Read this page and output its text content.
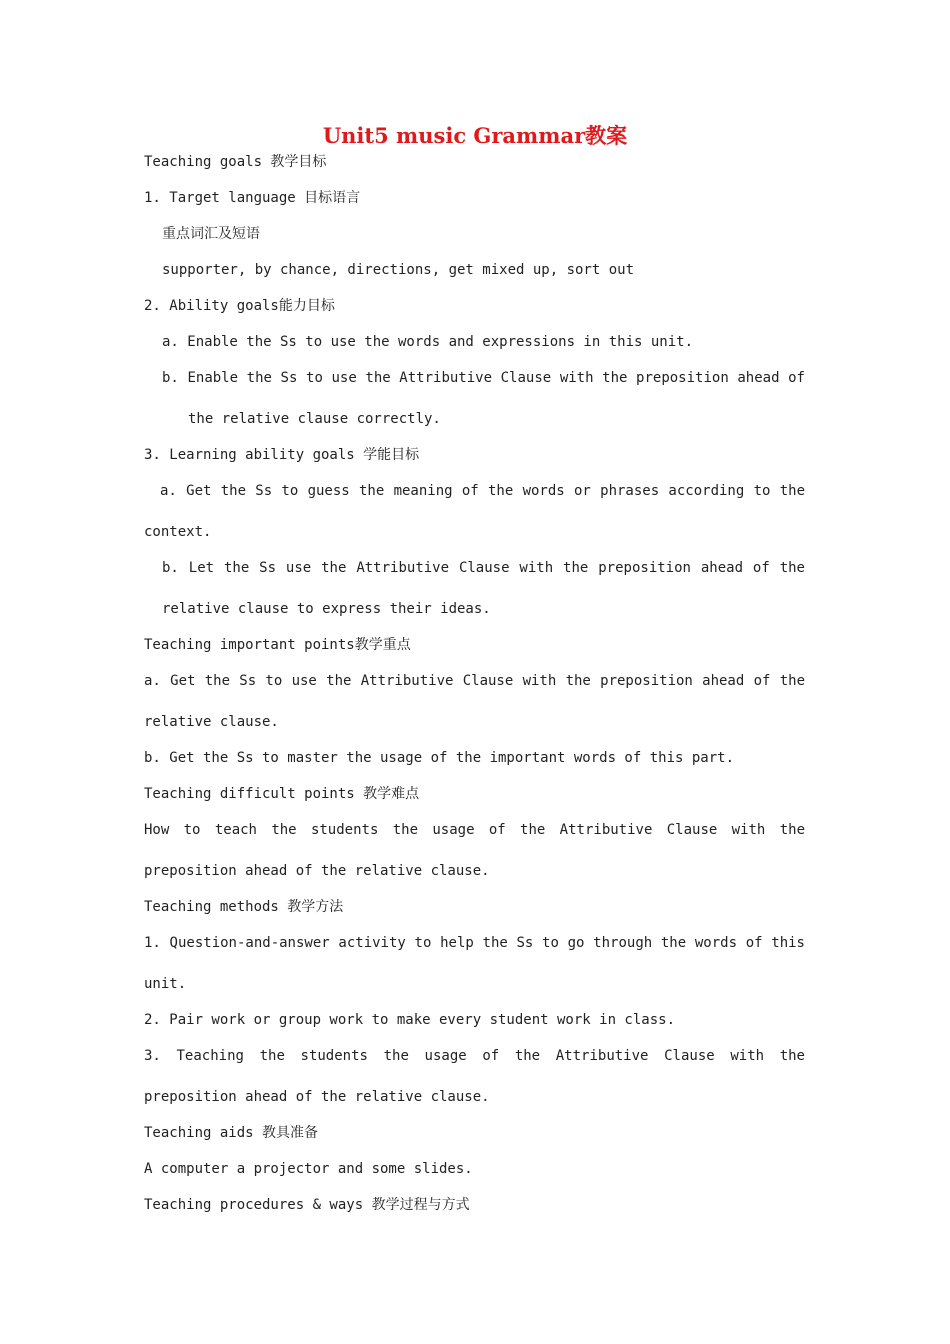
Unit5 music Grammar教案
Teaching goals 教学目标
1. Target language 目标语言
重点词汇及短语
supporter, by chance, directions, get mixed up, sort out
2. Ability goals能力目标
a. Enable the Ss to use the words and expressions in this unit.
b. Enable the Ss to use the Attributive Clause with the preposition ahead of
the relative clause correctly.
3. Learning ability goals 学能目标
a. Get the Ss to guess the meaning of the words or phrases according to the
context.
b. Let the Ss use the Attributive Clause with the preposition ahead of the
relative clause to express their ideas.
Teaching important points教学重点
a. Get the Ss to use the Attributive Clause with the preposition ahead of the
relative clause.
b. Get the Ss to master the usage of the important words of this part.
Teaching difficult points 教学难点
How to teach the students the usage of the Attributive Clause with the
preposition ahead of the relative clause.
Teaching methods 教学方法
1. Question-and-answer activity to help the Ss to go through the words of this
unit.
2. Pair work or group work to make every student work in class.
3. Teaching the students the usage of the Attributive Clause with the
preposition ahead of the relative clause.
Teaching aids 教具准备
A computer a projector and some slides.
Teaching procedures & ways 教学过程与方式
